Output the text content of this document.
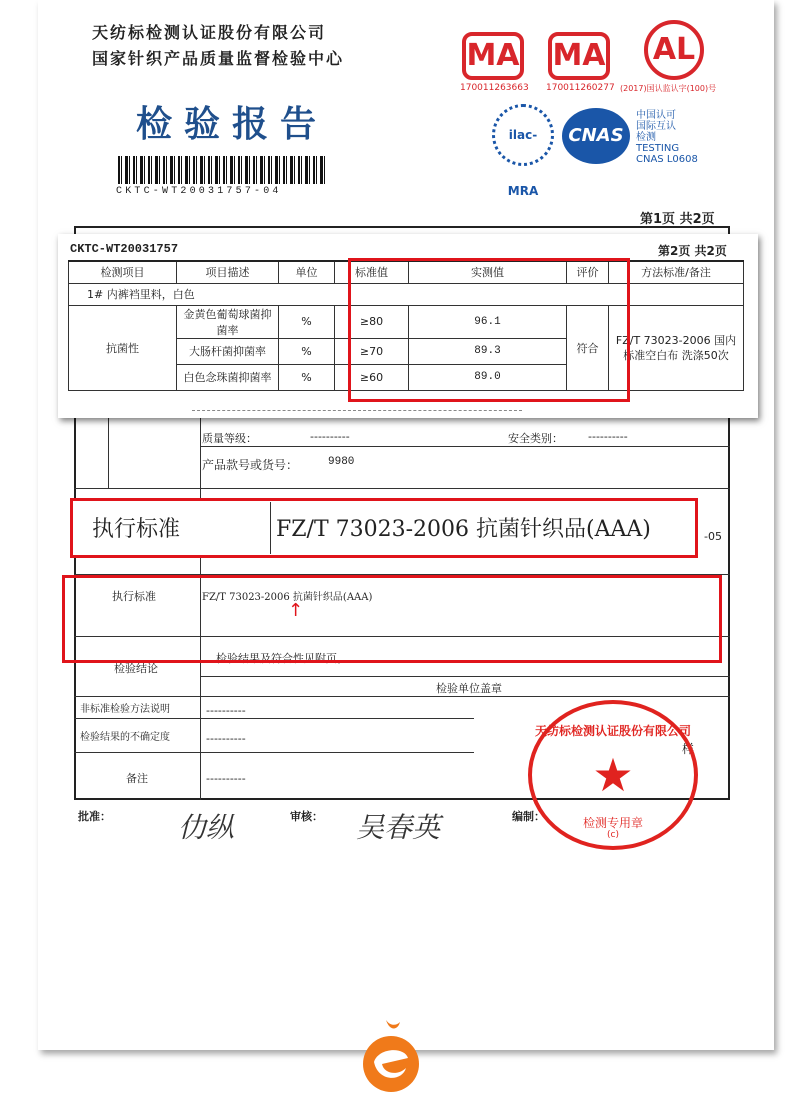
天纺标检测认证股份有限公司
国家针织产品质量监督检验中心
检验报告
CKTC-WT20031757-04
MA
170011263663
MA
170011260277
AL
(2017)国认监认字(100)号
ilac-MRA
CNAS
中国认可
国际互认
检测
TESTING
CNAS L0608
第1页 共2页
质量等级：	----------	安全类别： ----------
产品款号或货号：	9980
-05
执行标准	FZ/T 73023-2006 抗菌针织品(AAA)
↑
检验结论
检验结果及符合性见附页。
检验单位盖章
非标准检验方法说明	----------
检验结果的不确定度	----------
备注	----------
样
执行标准	FZ/T 73023-2006 抗菌针织品(AAA)
批准： 仂纵	审核： 吴春英	编制：
天纺标检测认证股份有限公司
★
检测专用章
(c)
CKTC-WT20031757	第2页 共2页
检测项目	项目描述	单位	标准值	实测值	评价	方法标准/备注
1# 内裤裆里料，白色						
抗菌性	金黄色葡萄球菌抑菌率	%	≥80	96.1	符合	FZ/T 73023-2006 国内标准空白布 洗涤50次
	大肠杆菌抑菌率	%	≥70	89.3		
	白色念珠菌抑菌率	%	≥60	89.0		
